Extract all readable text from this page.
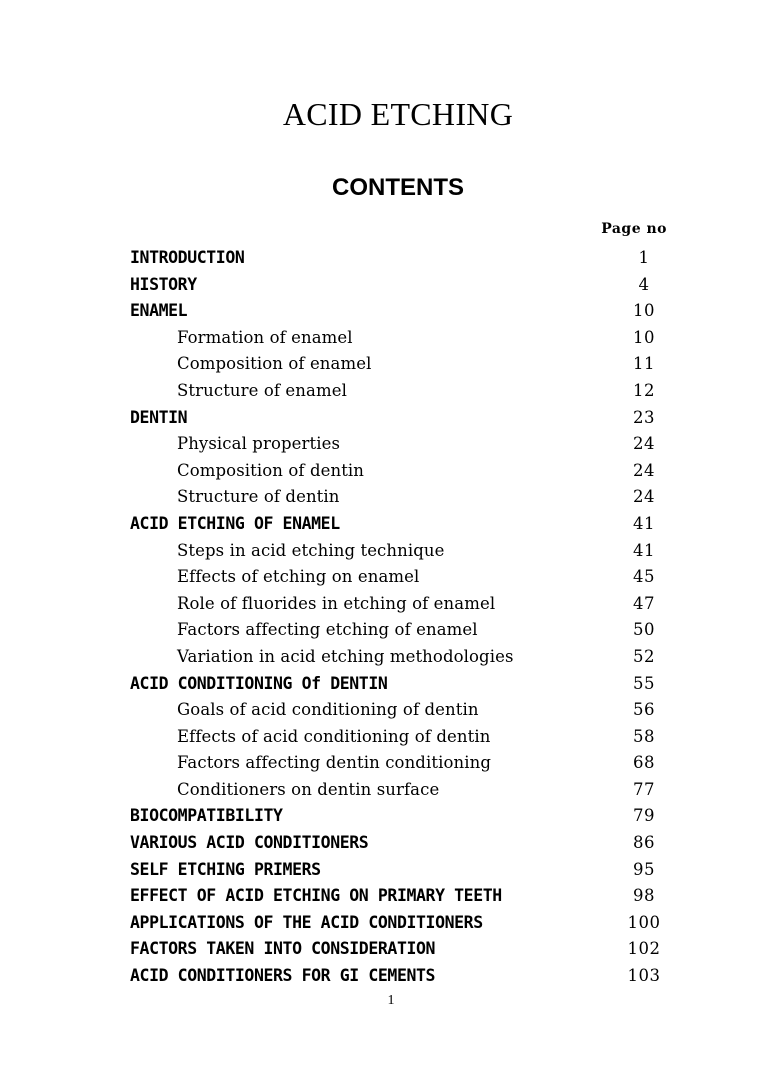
ACID ETCHING
CONTENTS
Page no
INTRODUCTION	1
HISTORY	4
ENAMEL	10
Formation of enamel	10
Composition of enamel	11
Structure of enamel	12
DENTIN	23
Physical properties	24
Composition of dentin	24
Structure of dentin	24
ACID ETCHING OF ENAMEL	41
Steps in acid etching technique	41
Effects of etching on enamel	45
Role of fluorides in etching of enamel	47
Factors affecting etching of enamel	50
Variation in acid etching methodologies	52
ACID CONDITIONING Of DENTIN	55
Goals of acid conditioning of dentin	56
Effects of acid conditioning of dentin	58
Factors affecting dentin conditioning	68
Conditioners on dentin surface	77
BIOCOMPATIBILITY	79
VARIOUS ACID CONDITIONERS	86
SELF ETCHING PRIMERS	95
EFFECT OF ACID ETCHING ON PRIMARY TEETH	98
APPLICATIONS OF THE ACID CONDITIONERS	100
FACTORS TAKEN INTO CONSIDERATION	102
ACID CONDITIONERS FOR GI CEMENTS	103
1
